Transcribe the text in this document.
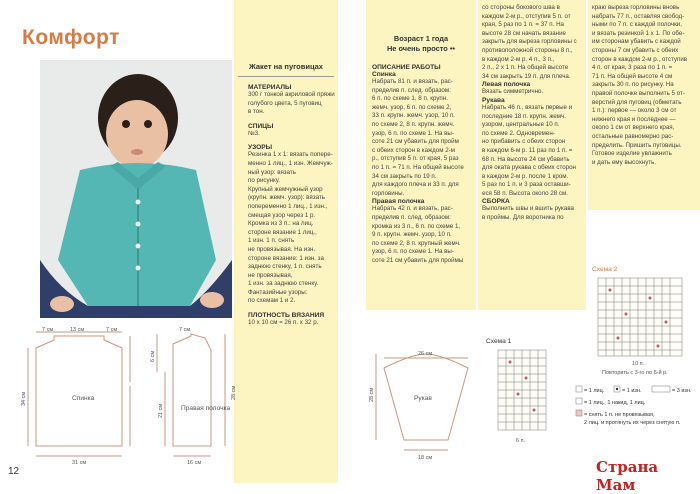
Комфорт
Жакет на пуговицах
МАТЕРИАЛЫ
300 г тонкой акриловой пряжи
голубого цвета, 5 пуговиц
в тон.
СПИЦЫ
№3.
УЗОРЫ
Резинка 1 х 1: вязать попере-
менно 1 лиц., 1 изн. Жемчуж-
ный узор: вязать
по рисунку.
Крупный жемчужный узор
(крупн. жемч. узор): вязать
попеременно 1 лиц., 1 изн.,
смещая узор через 1 р.
Кромка из 3 п.: на лиц.
стороне вязание 1 лиц.,
1 изн. 1 п. снять
не провязывая. На изн.
стороне вязание: 1 изн. за
заднюю стенку, 1 п. снять
не провязывая,
1 изн. за заднюю стенку.
Фантазийные узоры:
по схемам 1 и 2.
ПЛОТНОСТЬ ВЯЗАНИЯ
10 х 10 см = 26 п. х 32 р.
Спинка
7 см	13 см	7 см
31 см
34 см
Правая полочка
7 см
16 см
28 см
21 см
6 см
12
Возраст 1 года
Не очень просто ••
ОПИСАНИЕ РАБОТЫ
Спинка
Набрать 81 п. и вязать, рас-
пределив п. след. образом:
6 п. по схеме 1, 8 п. крупн.
жемч. узор, 6 п. по схеме 2,
33 п. крупн. жемч. узор, 10 п.
по схеме 2, 8 п. крупн. жемч.
узор, 6 п. по схеме 1. На вы-
соте 21 см убавить для пройм
с обеих сторон в каждом 2-м
р., отступив 5 п. от края, 5 раз
по 1 п. = 71 п. На общей высоте
34 см закрыть по 19 п.
для каждого плеча и 33 п. для
горловины.
Правая полочка
Набрать 42 п. и вязать, рас-
пределив п. след. образом:
кромка из 3 п., 6 п. по схеме 1,
9 п. крупн. жемч. узор, 10 п.
по схеме 2, 8 п. крупный жемч.
узор, 6 п. по схеме 1. На вы-
соте 21 см убавить для проймы
со стороны бокового шва в
каждом 2-м р., отступив 5 п. от
края, 5 раз по 1 п. = 37 п. На
высоте 28 см начать вязание
закрыть для выреза горловины с
противоположной стороны 8 п.,
в каждом 2-м р. 4 п., 3 п.,
2 п., 2 х 1 п. На общей высоте
34 см закрыть 19 п. для плеча.
Левая полочка
Вязать симметрично.
Рукава
Набрать 46 п., вязать первые и
последние 18 п. крупн. жемч.
узором, центральные 10 п.
по схеме 2. Одновремен-
но прибавить с обеих сторон
в каждом 6-м р. 11 раз по 1 п. =
68 п. На высоте 24 см убавить
для оката рукава с обеих сторон
в каждом 2-м р. после 1 кром.
5 раз по 1 п. и 3 раза оставши-
еся 58 п. Высота около 28 см.
СБОРКА
Выполнить швы и вшить рукава
в проймы. Для воротника по
краю выреза горловины вновь
набрать 77 п., оставляя свобод-
ными по 7 п. с каждой полочки,
и вязать резинкой 1 х 1. По обе-
им сторонам убавить с каждой
стороны 7 см убавить с обеих
сторон в каждом 2-м р., отступив
4 п. от края, 3 раза по 1 п. =
71 п. На общей высоте 4 см
закрыть 30 п. по рисунку. На
правой полочке выполнить 5 от-
верстий для пуговиц (обметать
1 п.): первое — около 3 см от
нижнего края и последнее —
около 1 см от верхнего края,
остальные равномерно рас-
пределить. Пришить пуговицы.
Готовое изделие увлажнить
и дать ему высохнуть.
Рукав
26 см
18 см
28 см
Схема 1
6 п.
Схема 2
10 п.
Повторить с 3-го по 6-й р.
= 1 лиц.	= 1 изн.	= 3 изн.
= 1 лиц., 1 накид, 1 лиц.
= снять 1 п. не провязывая,
2 лиц. и протянуть их через снятую п.
Страна Мам
